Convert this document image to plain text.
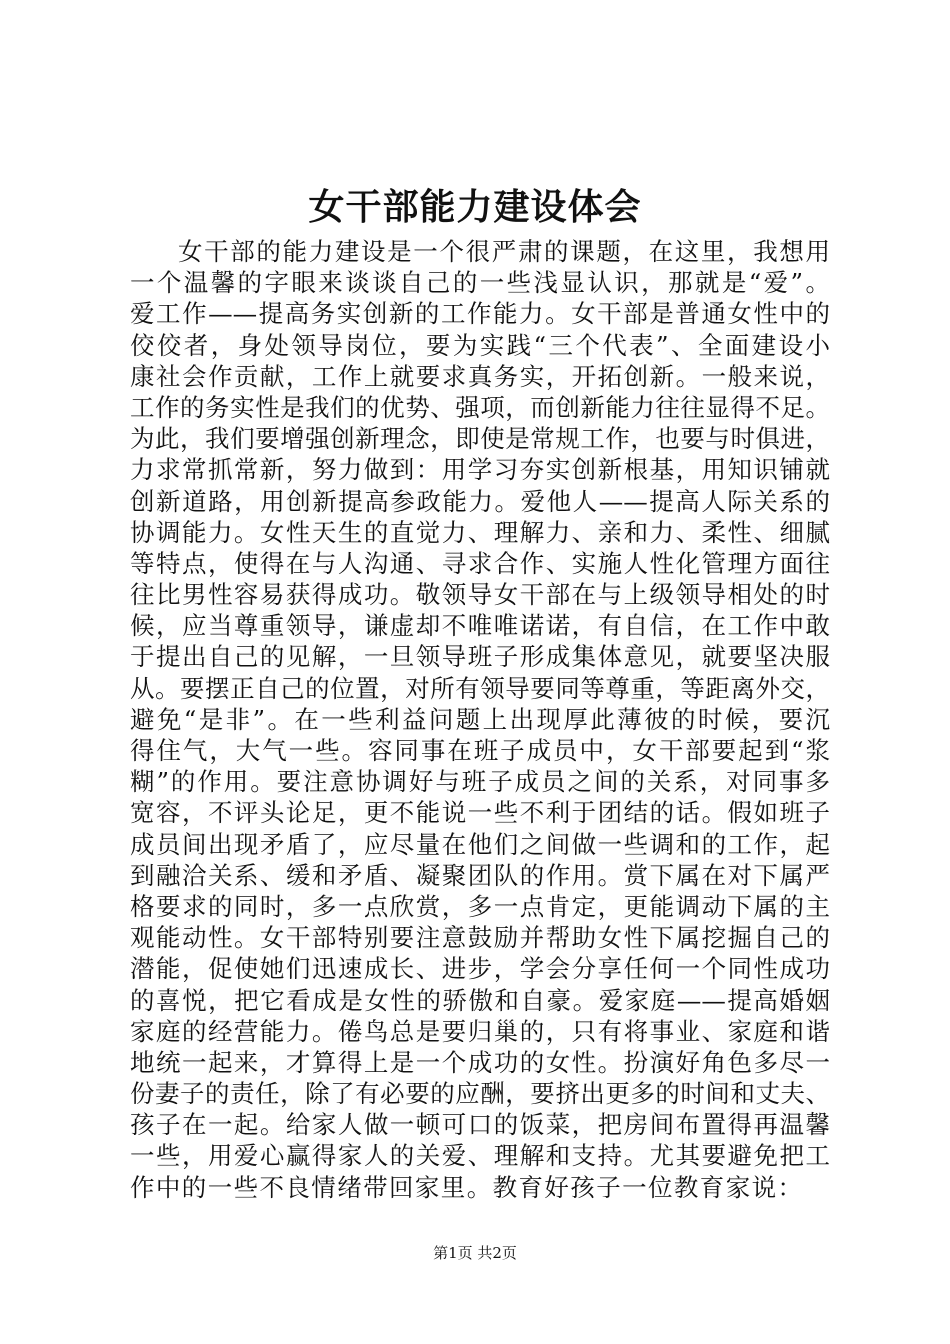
女干部能力建设体会
女干部的能力建设是一个很严肃的课题，在这里，我想用
一个温馨的字眼来谈谈自己的一些浅显认识，那就是“爱”。
爱工作——提高务实创新的工作能力。女干部是普通女性中的
佼佼者，身处领导岗位，要为实践“三个代表”、全面建设小
康社会作贡献，工作上就要求真务实，开拓创新。一般来说，
工作的务实性是我们的优势、强项，而创新能力往往显得不足。
为此，我们要增强创新理念，即使是常规工作，也要与时俱进，
力求常抓常新，努力做到：用学习夯实创新根基，用知识铺就
创新道路，用创新提高参政能力。爱他人——提高人际关系的
协调能力。女性天生的直觉力、理解力、亲和力、柔性、细腻
等特点，使得在与人沟通、寻求合作、实施人性化管理方面往
往比男性容易获得成功。敬领导女干部在与上级领导相处的时
候，应当尊重领导，谦虚却不唯唯诺诺，有自信，在工作中敢
于提出自己的见解，一旦领导班子形成集体意见，就要坚决服
从。要摆正自己的位置，对所有领导要同等尊重，等距离外交，
避免“是非”。在一些利益问题上出现厚此薄彼的时候，要沉
得住气，大气一些。容同事在班子成员中，女干部要起到“浆
糊”的作用。要注意协调好与班子成员之间的关系，对同事多
宽容，不评头论足，更不能说一些不利于团结的话。假如班子
成员间出现矛盾了，应尽量在他们之间做一些调和的工作，起
到融洽关系、缓和矛盾、凝聚团队的作用。赏下属在对下属严
格要求的同时，多一点欣赏，多一点肯定，更能调动下属的主
观能动性。女干部特别要注意鼓励并帮助女性下属挖掘自己的
潜能，促使她们迅速成长、进步，学会分享任何一个同性成功
的喜悦，把它看成是女性的骄傲和自豪。爱家庭——提高婚姻
家庭的经营能力。倦鸟总是要归巢的，只有将事业、家庭和谐
地统一起来，才算得上是一个成功的女性。扮演好角色多尽一
份妻子的责任，除了有必要的应酬，要挤出更多的时间和丈夫、
孩子在一起。给家人做一顿可口的饭菜，把房间布置得再温馨
一些，用爱心赢得家人的关爱、理解和支持。尤其要避免把工
作中的一些不良情绪带回家里。教育好孩子一位教育家说：
第1页 共2页
